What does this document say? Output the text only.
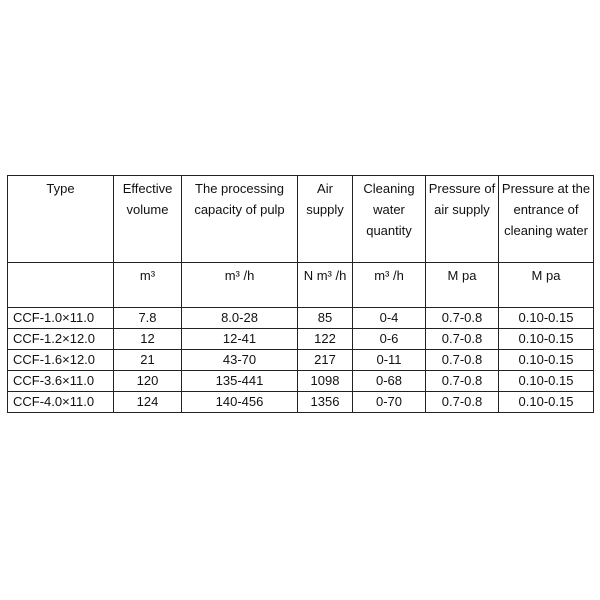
Type	Effective volume	The processing capacity of pulp	Air supply	Cleaning water quantity	Pressure of air supply	Pressure at the entrance of cleaning water
	m³	m³ /h	N m³ /h	m³ /h	M pa	M pa
CCF-1.0×11.0	7.8	8.0-28	85	0-4	0.7-0.8	0.10-0.15
CCF-1.2×12.0	12	12-41	122	0-6	0.7-0.8	0.10-0.15
CCF-1.6×12.0	21	43-70	217	0-11	0.7-0.8	0.10-0.15
CCF-3.6×11.0	120	135-441	1098	0-68	0.7-0.8	0.10-0.15
CCF-4.0×11.0	124	140-456	1356	0-70	0.7-0.8	0.10-0.15
